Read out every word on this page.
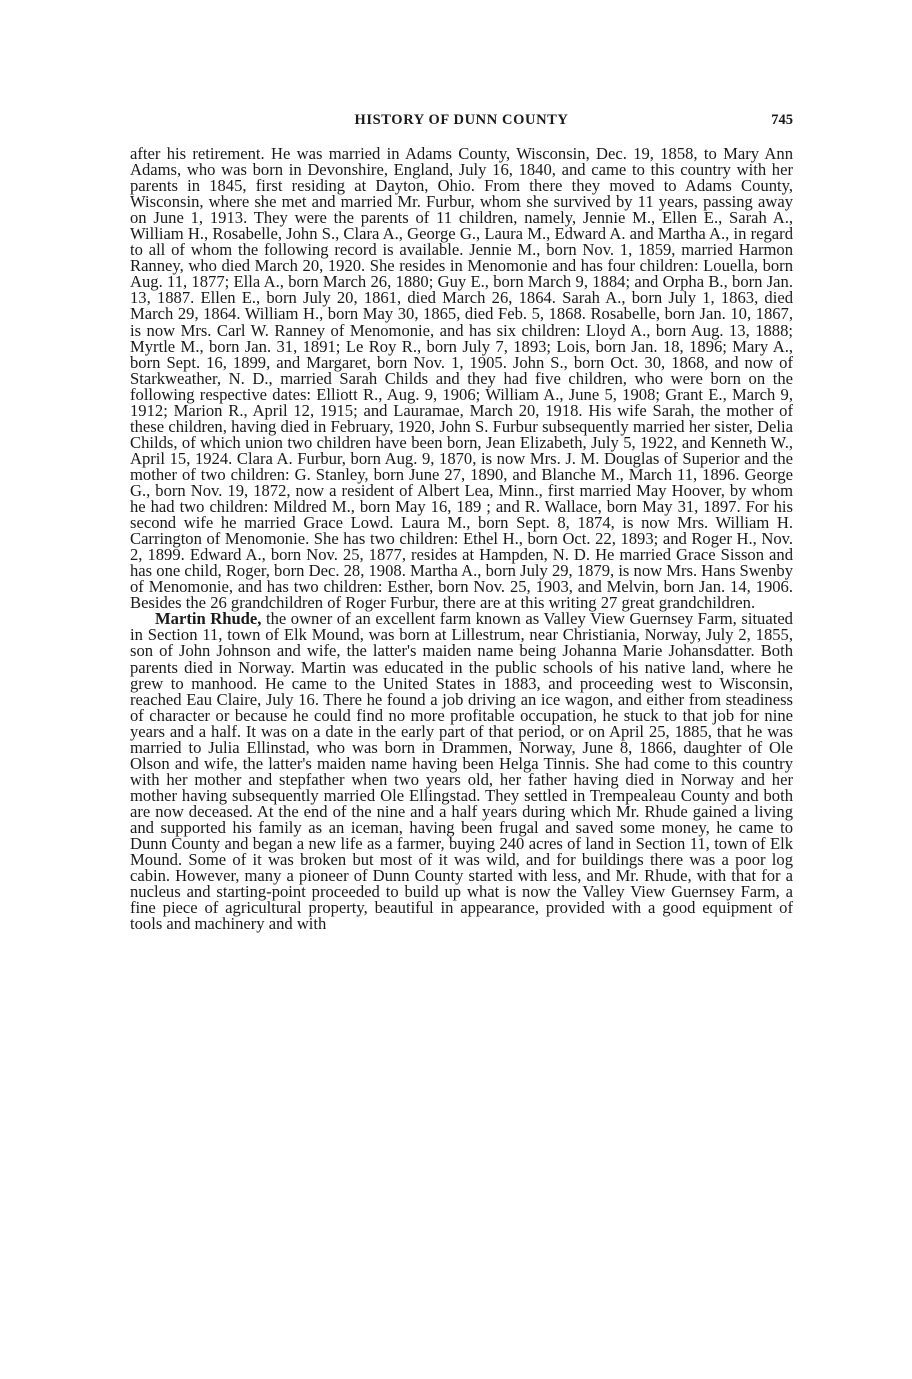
HISTORY OF DUNN COUNTY	745

after his retirement. He was married in Adams County, Wisconsin, Dec. 19, 1858, to Mary Ann Adams, who was born in Devonshire, England, July 16, 1840, and came to this country with her parents in 1845, first residing at Dayton, Ohio. From there they moved to Adams County, Wisconsin, where she met and married Mr. Furbur, whom she survived by 11 years, passing away on June 1, 1913. They were the parents of 11 children, namely, Jennie M., Ellen E., Sarah A., William H., Rosabelle, John S., Clara A., George G., Laura M., Edward A. and Martha A., in regard to all of whom the following record is available. Jennie M., born Nov. 1, 1859, married Harmon Ranney, who died March 20, 1920. She resides in Menomonie and has four children: Louella, born Aug. 11, 1877; Ella A., born March 26, 1880; Guy E., born March 9, 1884; and Orpha B., born Jan. 13, 1887. Ellen E., born July 20, 1861, died March 26, 1864. Sarah A., born July 1, 1863, died March 29, 1864. William H., born May 30, 1865, died Feb. 5, 1868. Rosabelle, born Jan. 10, 1867, is now Mrs. Carl W. Ranney of Menomonie, and has six children: Lloyd A., born Aug. 13, 1888; Myrtle M., born Jan. 31, 1891; Le Roy R., born July 7, 1893; Lois, born Jan. 18, 1896; Mary A., born Sept. 16, 1899, and Margaret, born Nov. 1, 1905. John S., born Oct. 30, 1868, and now of Starkweather, N. D., married Sarah Childs and they had five children, who were born on the following respective dates: Elliott R., Aug. 9, 1906; William A., June 5, 1908; Grant E., March 9, 1912; Marion R., April 12, 1915; and Lauramae, March 20, 1918. His wife Sarah, the mother of these children, having died in February, 1920, John S. Furbur subsequently married her sister, Delia Childs, of which union two children have been born, Jean Elizabeth, July 5, 1922, and Kenneth W., April 15, 1924. Clara A. Furbur, born Aug. 9, 1870, is now Mrs. J. M. Douglas of Superior and the mother of two children: G. Stanley, born June 27, 1890, and Blanche M., March 11, 1896. George G., born Nov. 19, 1872, now a resident of Albert Lea, Minn., first married May Hoover, by whom he had two children: Mildred M., born May 16, 189 ; and R. Wallace, born May 31, 1897. For his second wife he married Grace Lowd. Laura M., born Sept. 8, 1874, is now Mrs. William H. Carrington of Menomonie. She has two children: Ethel H., born Oct. 22, 1893; and Roger H., Nov. 2, 1899. Edward A., born Nov. 25, 1877, resides at Hampden, N. D. He married Grace Sisson and has one child, Roger, born Dec. 28, 1908. Martha A., born July 29, 1879, is now Mrs. Hans Swenby of Menomonie, and has two children: Esther, born Nov. 25, 1903, and Melvin, born Jan. 14, 1906. Besides the 26 grandchildren of Roger Furbur, there are at this writing 27 great grandchildren.

Martin Rhude, the owner of an excellent farm known as Valley View Guernsey Farm, situated in Section 11, town of Elk Mound, was born at Lillestrum, near Christiania, Norway, July 2, 1855, son of John Johnson and wife, the latter's maiden name being Johanna Marie Johansdatter. Both parents died in Norway. Martin was educated in the public schools of his native land, where he grew to manhood. He came to the United States in 1883, and proceeding west to Wisconsin, reached Eau Claire, July 16. There he found a job driving an ice wagon, and either from steadiness of character or because he could find no more profitable occupation, he stuck to that job for nine years and a half. It was on a date in the early part of that period, or on April 25, 1885, that he was married to Julia Ellinstad, who was born in Drammen, Norway, June 8, 1866, daughter of Ole Olson and wife, the latter's maiden name having been Helga Tinnis. She had come to this country with her mother and stepfather when two years old, her father having died in Norway and her mother having subsequently married Ole Ellingstad. They settled in Trempealeau County and both are now deceased. At the end of the nine and a half years during which Mr. Rhude gained a living and supported his family as an iceman, having been frugal and saved some money, he came to Dunn County and began a new life as a farmer, buying 240 acres of land in Section 11, town of Elk Mound. Some of it was broken but most of it was wild, and for buildings there was a poor log cabin. However, many a pioneer of Dunn County started with less, and Mr. Rhude, with that for a nucleus and starting-point proceeded to build up what is now the Valley View Guernsey Farm, a fine piece of agricultural property, beautiful in appearance, provided with a good equipment of tools and machinery and with
